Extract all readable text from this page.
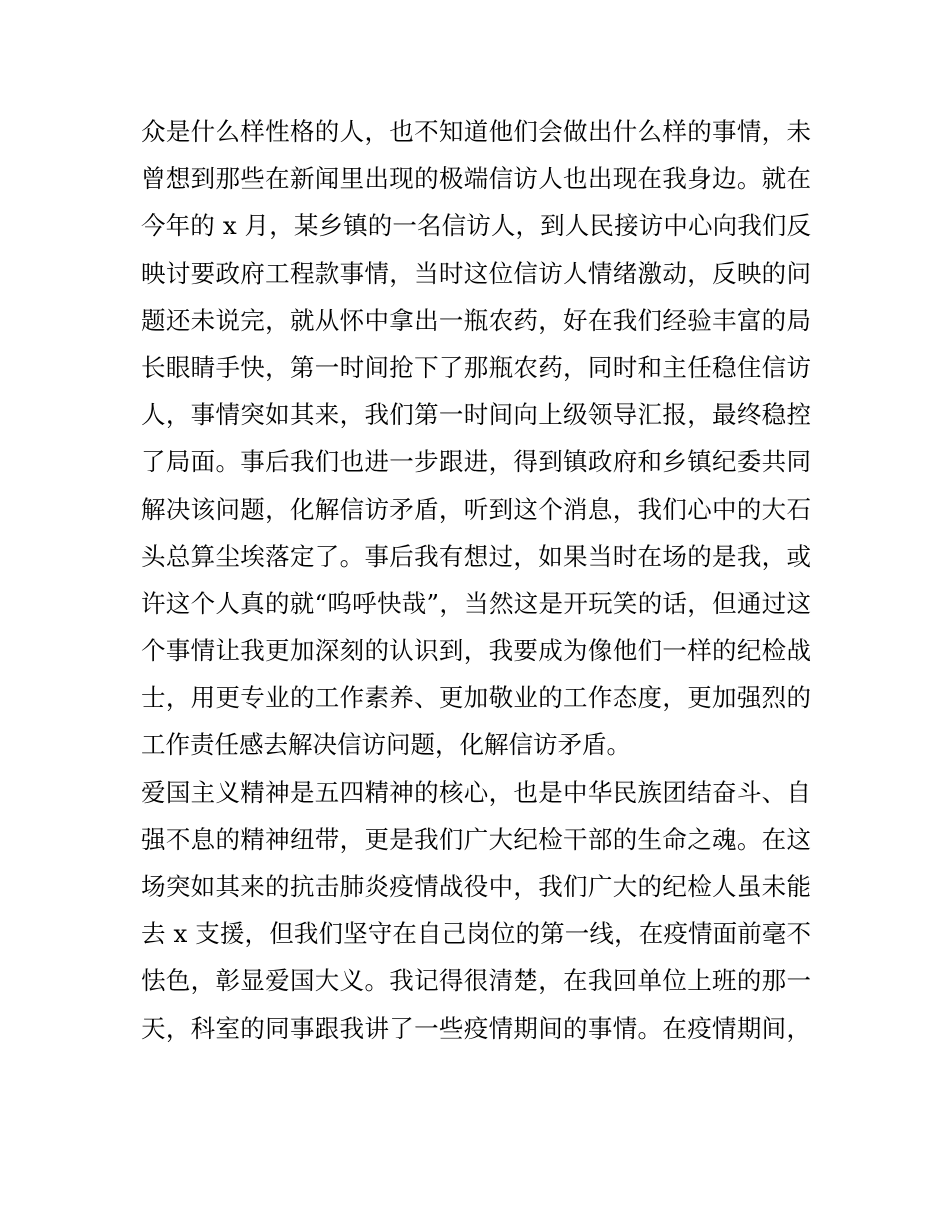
众是什么样性格的人，也不知道他们会做出什么样的事情，未
曾想到那些在新闻里出现的极端信访人也出现在我身边。就在
今年的 x 月，某乡镇的一名信访人，到人民接访中心向我们反
映讨要政府工程款事情，当时这位信访人情绪激动，反映的问
题还未说完，就从怀中拿出一瓶农药，好在我们经验丰富的局
长眼睛手快，第一时间抢下了那瓶农药，同时和主任稳住信访
人，事情突如其来，我们第一时间向上级领导汇报，最终稳控
了局面。事后我们也进一步跟进，得到镇政府和乡镇纪委共同
解决该问题，化解信访矛盾，听到这个消息，我们心中的大石
头总算尘埃落定了。事后我有想过，如果当时在场的是我，或
许这个人真的就“呜呼快哉”，当然这是开玩笑的话，但通过这
个事情让我更加深刻的认识到，我要成为像他们一样的纪检战
士，用更专业的工作素养、更加敬业的工作态度，更加强烈的
工作责任感去解决信访问题，化解信访矛盾。
爱国主义精神是五四精神的核心，也是中华民族团结奋斗、自
强不息的精神纽带，更是我们广大纪检干部的生命之魂。在这
场突如其来的抗击肺炎疫情战役中，我们广大的纪检人虽未能
去 x 支援，但我们坚守在自己岗位的第一线，在疫情面前毫不
怯色，彰显爱国大义。我记得很清楚，在我回单位上班的那一
天，科室的同事跟我讲了一些疫情期间的事情。在疫情期间，
